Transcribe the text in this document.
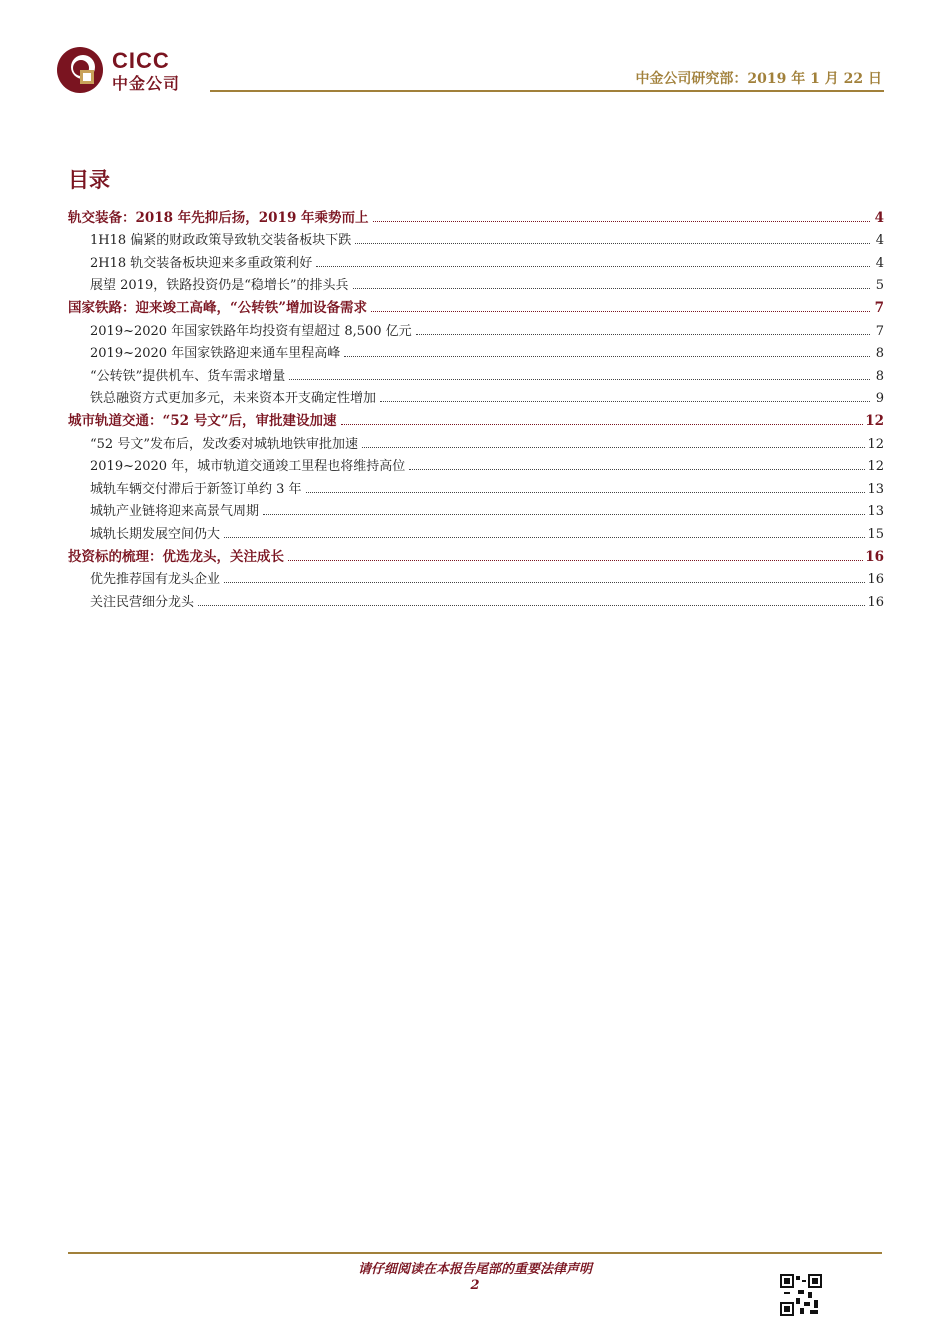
CICC
中金公司	中金公司研究部：2019 年 1 月 22 日
目录
轨交装备：2018 年先抑后扬，2019 年乘势而上	4
1H18 偏紧的财政政策导致轨交装备板块下跌	4
2H18 轨交装备板块迎来多重政策利好	4
展望 2019，铁路投资仍是“稳增长”的排头兵	5
国家铁路：迎来竣工高峰，“公转铁”增加设备需求	7
2019~2020 年国家铁路年均投资有望超过 8,500 亿元	7
2019~2020 年国家铁路迎来通车里程高峰	8
“公转铁”提供机车、货车需求增量	8
铁总融资方式更加多元，未来资本开支确定性增加	9
城市轨道交通：“52 号文”后，审批建设加速	12
“52 号文”发布后，发改委对城轨地铁审批加速	12
2019~2020 年，城市轨道交通竣工里程也将维持高位	12
城轨车辆交付滞后于新签订单约 3 年	13
城轨产业链将迎来高景气周期	13
城轨长期发展空间仍大	15
投资标的梳理：优选龙头，关注成长	16
优先推荐国有龙头企业	16
关注民营细分龙头	16
请仔细阅读在本报告尾部的重要法律声明
2
